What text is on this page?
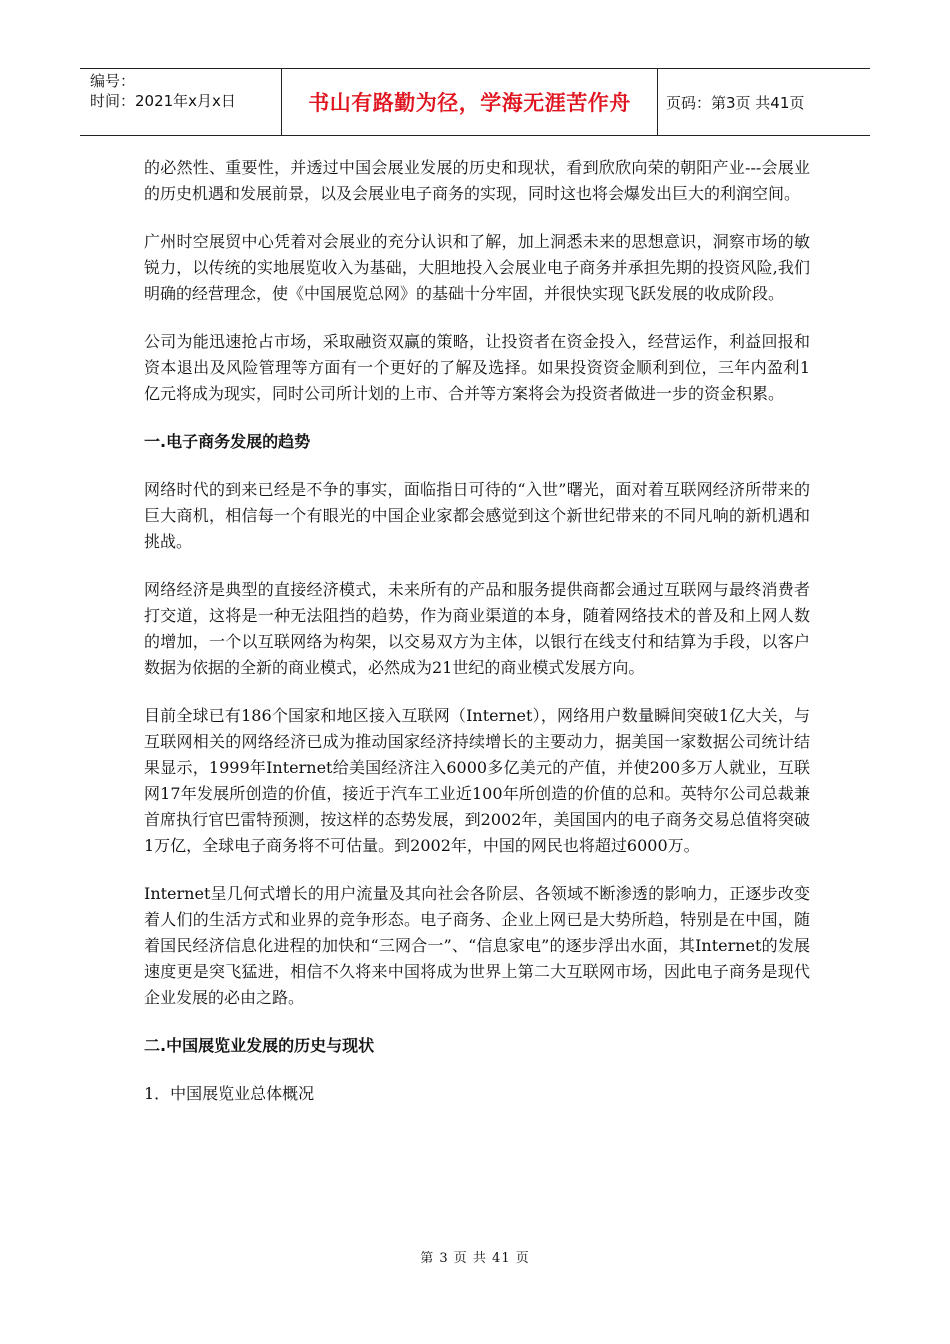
编号：
时间：2021年x月x日	书山有路勤为径，学海无涯苦作舟 页码：第3页 共41页

的必然性、重要性，并透过中国会展业发展的历史和现状，看到欣欣向荣的朝阳产业---会展业的历史机遇和发展前景，以及会展业电子商务的实现，同时这也将会爆发出巨大的利润空间。

广州时空展贸中心凭着对会展业的充分认识和了解，加上洞悉未来的思想意识，洞察市场的敏锐力，以传统的实地展览收入为基础，大胆地投入会展业电子商务并承担先期的投资风险,我们明确的经营理念，使《中国展览总网》的基础十分牢固，并很快实现飞跃发展的收成阶段。

公司为能迅速抢占市场，采取融资双赢的策略，让投资者在资金投入，经营运作，利益回报和资本退出及风险管理等方面有一个更好的了解及选择。如果投资资金顺利到位，三年内盈利1亿元将成为现实，同时公司所计划的上市、合并等方案将会为投资者做进一步的资金积累。

一.电子商务发展的趋势

网络时代的到来已经是不争的事实，面临指日可待的“入世”曙光，面对着互联网经济所带来的巨大商机，相信每一个有眼光的中国企业家都会感觉到这个新世纪带来的不同凡响的新机遇和挑战。

网络经济是典型的直接经济模式，未来所有的产品和服务提供商都会通过互联网与最终消费者打交道，这将是一种无法阻挡的趋势，作为商业渠道的本身，随着网络技术的普及和上网人数的增加，一个以互联网络为构架，以交易双方为主体，以银行在线支付和结算为手段，以客户数据为依据的全新的商业模式，必然成为21世纪的商业模式发展方向。

目前全球已有186个国家和地区接入互联网（Internet），网络用户数量瞬间突破1亿大关，与互联网相关的网络经济已成为推动国家经济持续增长的主要动力，据美国一家数据公司统计结果显示，1999年Internet给美国经济注入6000多亿美元的产值，并使200多万人就业，互联网17年发展所创造的价值，接近于汽车工业近100年所创造的价值的总和。英特尔公司总裁兼首席执行官巴雷特预测，按这样的态势发展，到2002年，美国国内的电子商务交易总值将突破1万亿，全球电子商务将不可估量。到2002年，中国的网民也将超过6000万。

Internet呈几何式增长的用户流量及其向社会各阶层、各领域不断渗透的影响力，正逐步改变着人们的生活方式和业界的竞争形态。电子商务、企业上网已是大势所趋，特别是在中国，随着国民经济信息化进程的加快和“三网合一”、“信息家电”的逐步浮出水面，其Internet的发展速度更是突飞猛进，相信不久将来中国将成为世界上第二大互联网市场，因此电子商务是现代企业发展的必由之路。

二.中国展览业发展的历史与现状

1．中国展览业总体概况

第 3 页 共 41 页
